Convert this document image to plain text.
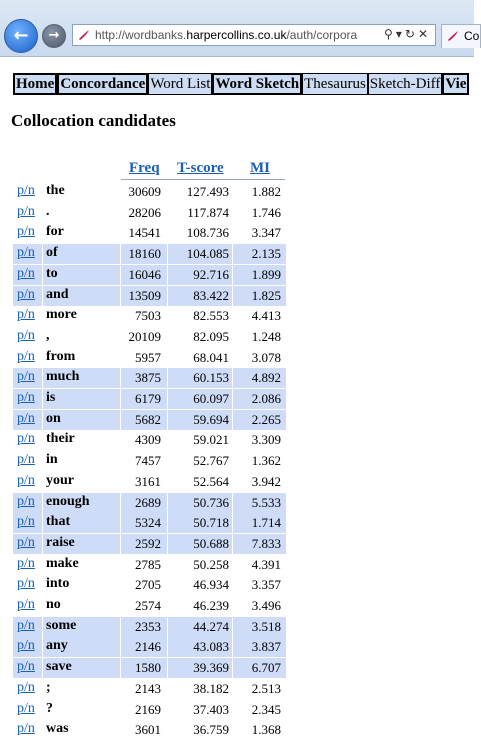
←	→	http://wordbanks.harpercollins.co.uk/auth/corpora	⚲▾↻✕	Co
Home Concordance Word List Word Sketch Thesaurus Sketch-Diff Vie
Collocation candidates
Freq T-score MI
p/n the	30609	127.493	1.882
p/n .	28206	117.874	1.746
p/n for	14541	108.736	3.347
p/n of	18160	104.085	2.135
p/n to	16046	92.716	1.899
p/n and	13509	83.422	1.825
p/n more	7503	82.553	4.413
p/n ,	20109	82.095	1.248
p/n from	5957	68.041	3.078
p/n much	3875	60.153	4.892
p/n is	6179	60.097	2.086
p/n on	5682	59.694	2.265
p/n their	4309	59.021	3.309
p/n in	7457	52.767	1.362
p/n your	3161	52.564	3.942
p/n enough	2689	50.736	5.533
p/n that	5324	50.718	1.714
p/n raise	2592	50.688	7.833
p/n make	2785	50.258	4.391
p/n into	2705	46.934	3.357
p/n no	2574	46.239	3.496
p/n some	2353	44.274	3.518
p/n any	2146	43.083	3.837
p/n save	1580	39.369	6.707
p/n ;	2143	38.182	2.513
p/n ?	2169	37.403	2.345
p/n was	3601	36.759	1.368
